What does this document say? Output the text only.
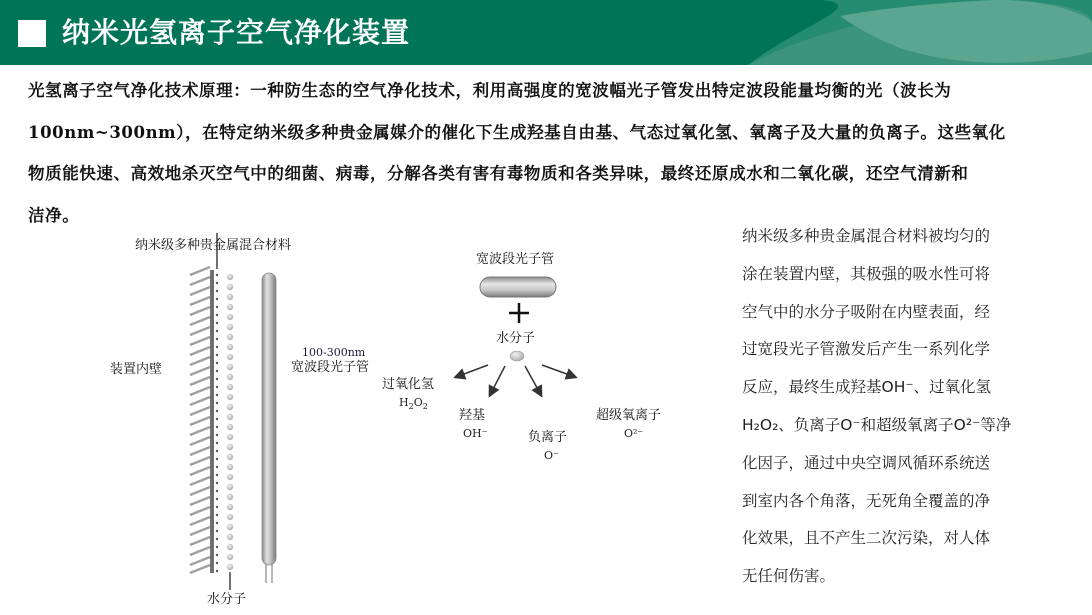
纳米光氢离子空气净化装置

光氢离子空气净化技术原理：一种防生态的空气净化技术，利用高强度的宽波幅光子管发出特定波段能量均衡的光（波长为

100nm~300nm），在特定纳米级多种贵金属媒介的催化下生成羟基自由基、气态过氧化氢、氧离子及大量的负离子。这些氧化

物质能快速、高效地杀灭空气中的细菌、病毒，分解各类有害有毒物质和各类异味，最终还原成水和二氧化碳，还空气清新和

洁净。

纳米级多种贵金属混合材料
装置内壁
100-300nm
宽波段光子管
水分子
宽波段光子管
水分子
过氧化氢
$H_2O_2$
羟基
OH⁻	负离子
O⁻
超级氧离子
O²⁻

纳米级多种贵金属混合材料被均匀的

涂在装置内壁，其极强的吸水性可将

空气中的水分子吸附在内壁表面，经

过宽段光子管激发后产生一系列化学

反应，最终生成羟基OH⁻、过氧化氢

H₂O₂、负离子O⁻和超级氧离子O²⁻等净

化因子，通过中央空调风循环系统送

到室内各个角落，无死角全覆盖的净

化效果，且不产生二次污染，对人体

无任何伤害。
